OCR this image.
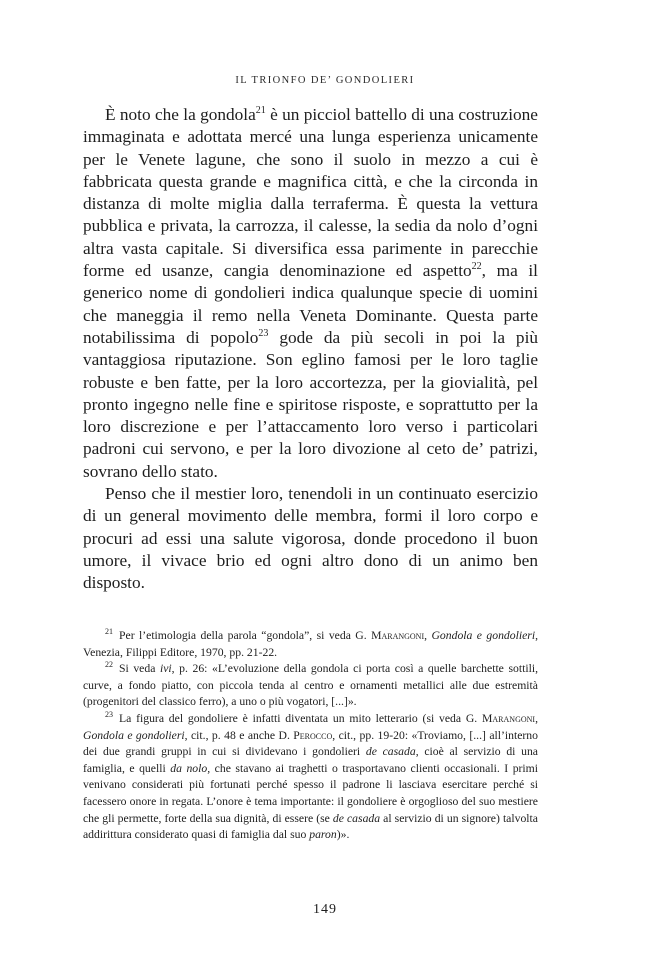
IL TRIONFO DE’ GONDOLIERI

È noto che la gondola$^{21}$ è un picciol battello di una costruzione immaginata e adottata mercé una lunga esperienza unicamente per le Venete lagune, che sono il suolo in mezzo a cui è fabbricata questa grande e magnifica città, e che la circonda in distanza di molte miglia dalla terraferma. È questa la vettura pubblica e privata, la carrozza, il calesse, la sedia da nolo d’ogni altra vasta capitale. Si diversifica essa parimente in parecchie forme ed usanze, cangia denominazione ed aspetto$^{22}$, ma il generico nome di gondolieri indica qualunque specie di uomini che maneggia il remo nella Veneta Dominante. Questa parte notabilissima di popolo$^{23}$ gode da più secoli in poi la più vantaggiosa riputazione. Son eglino famosi per le loro taglie robuste e ben fatte, per la loro accortezza, per la giovialità, pel pronto ingegno nelle fine e spiritose risposte, e soprattutto per la loro discrezione e per l’attaccamento loro verso i particolari padroni cui servono, e per la loro divozione al ceto de’ patrizi, sovrano dello stato.

Penso che il mestier loro, tenendoli in un continuato esercizio di un general movimento delle membra, formi il loro corpo e procuri ad essi una salute vigorosa, donde procedono il buon umore, il vivace brio ed ogni altro dono di un animo ben disposto.

$^{21}$ Per l’etimologia della parola “gondola”, si veda G. Marangoni, Gondola e gondolieri, Venezia, Filippi Editore, 1970, pp. 21-22.

$^{22}$ Si veda ivi, p. 26: «L’evoluzione della gondola ci porta così a quelle barchette sottili, curve, a fondo piatto, con piccola tenda al centro e ornamenti metallici alle due estremità (progenitori del classico ferro), a uno o più vogatori, [...]».

$^{23}$ La figura del gondoliere è infatti diventata un mito letterario (si veda G. Marangoni, Gondola e gondolieri, cit., p. 48 e anche D. Perocco, cit., pp. 19-20: «Troviamo, [...] all’interno dei due grandi gruppi in cui si dividevano i gondolieri de casada, cioè al servizio di una famiglia, e quelli da nolo, che stavano ai traghetti o trasportavano clienti occasionali. I primi venivano considerati più fortunati perché spesso il padrone li lasciava esercitare perché si facessero onore in regata. L’onore è tema importante: il gondoliere è orgoglioso del suo mestiere che gli permette, forte della sua dignità, di essere (se de casada al servizio di un signore) talvolta addirittura considerato quasi di famiglia dal suo paron)».

149
